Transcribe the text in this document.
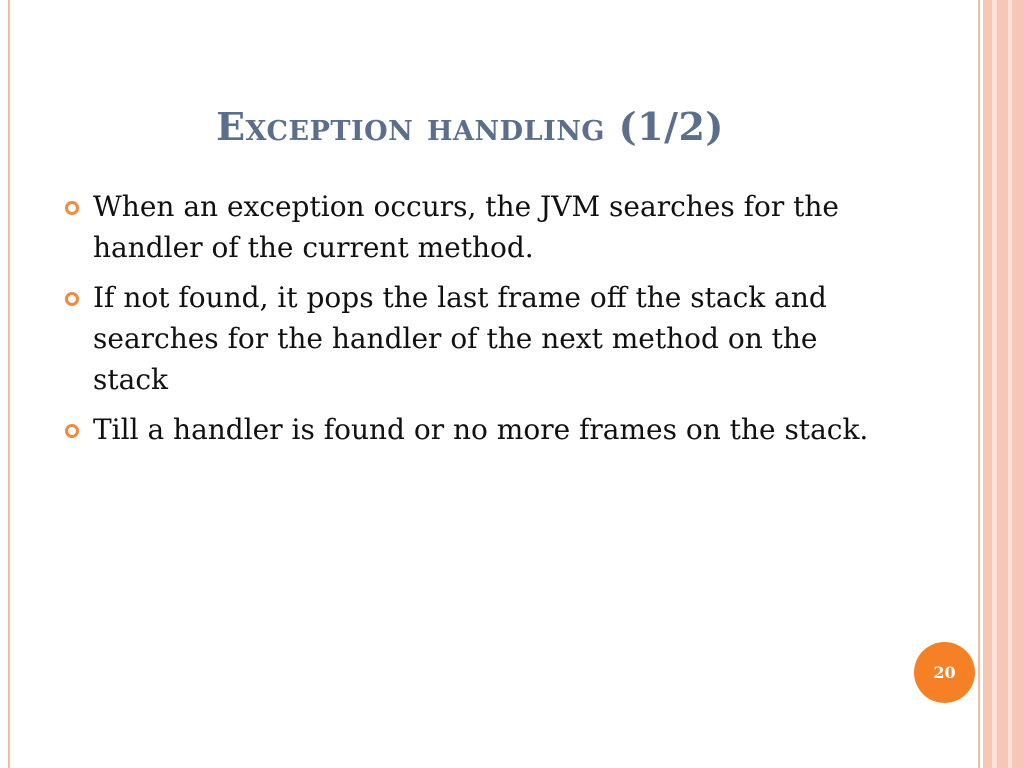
Exception handling (1/2)
When an exception occurs, the JVM searches for the handler of the current method.
If not found, it pops the last frame off the stack and searches for the handler of the next method on the stack
Till a handler is found or no more frames on the stack.
20
